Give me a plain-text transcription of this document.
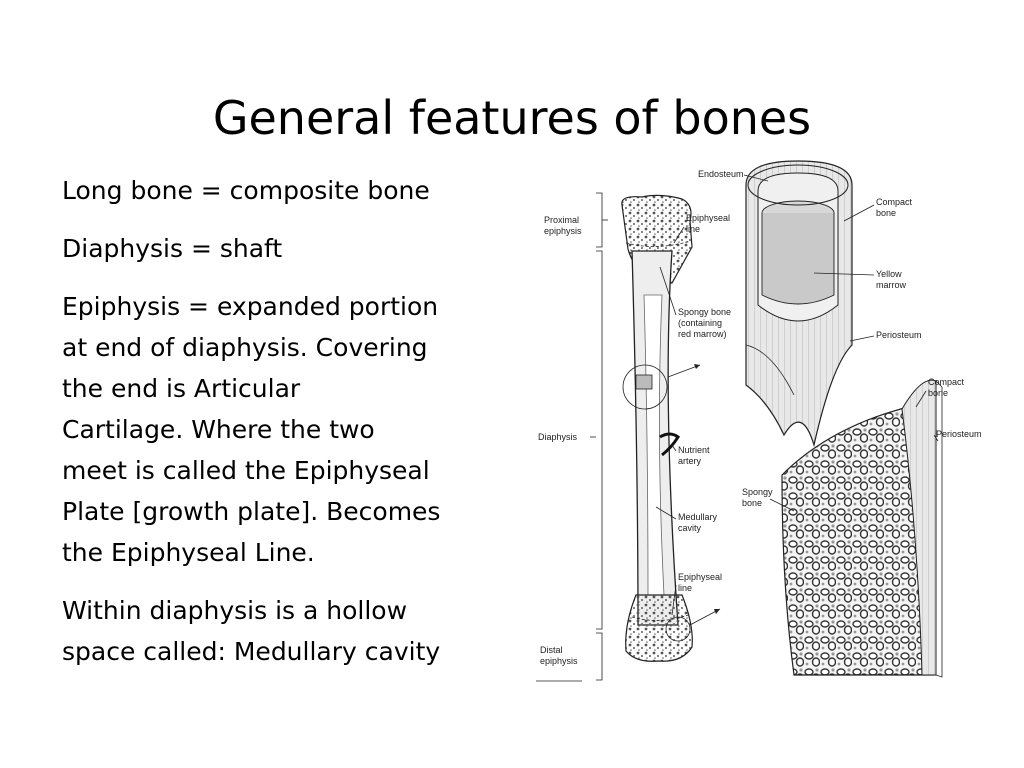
General features of bones

Long bone = composite bone

Diaphysis = shaft

Epiphysis = expanded portion
at end of diaphysis. Covering
the end is Articular
Cartilage. Where the two
meet is called the Epiphyseal
Plate [growth plate]. Becomes
the Epiphyseal Line.

Within diaphysis is a hollow
space called: Medullary cavity

Proximal epiphysis
Diaphysis
Distal epiphysis
Epiphyseal line
Spongy bone (containing red marrow)
Nutrient artery
Medullary cavity
Epiphyseal line
Endosteum
Compact bone
Yellow marrow
Periosteum
Compact bone
Periosteum
Spongy bone
